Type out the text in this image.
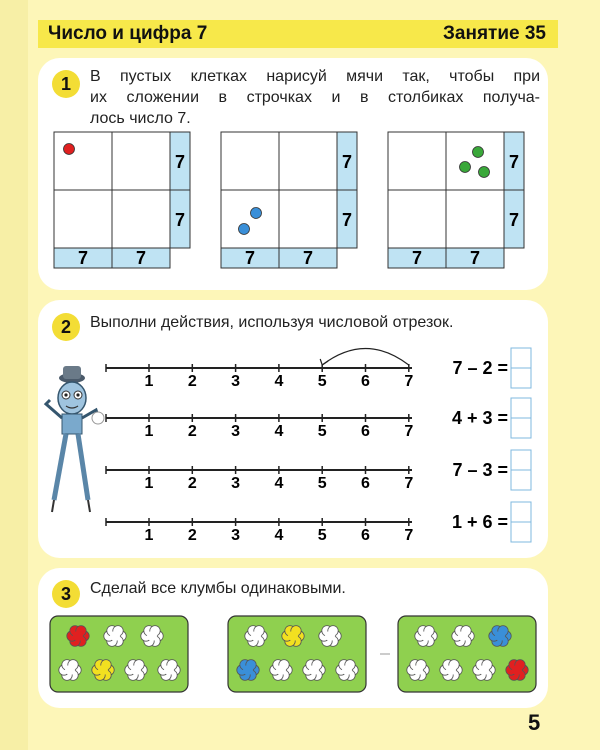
Число и цифра 7	Занятие 35
1	В пустых клетках нарисуй мячи так, чтобы при
их сложении в строчках и в столбиках получа-
лось число 7.
7
7
7	7
7
7
7	7
7
7
7	7
2	Выполни действия, используя числовой отрезок.
1 2 3 4 5 6 7
7 – 2 =
1 2 3 4 5 6 7
4 + 3 =
1 2 3 4 5 6 7
7 – 3 =
1 2 3 4 5 6 7
1 + 6 =
3	Сделай все клумбы одинаковыми.
5
